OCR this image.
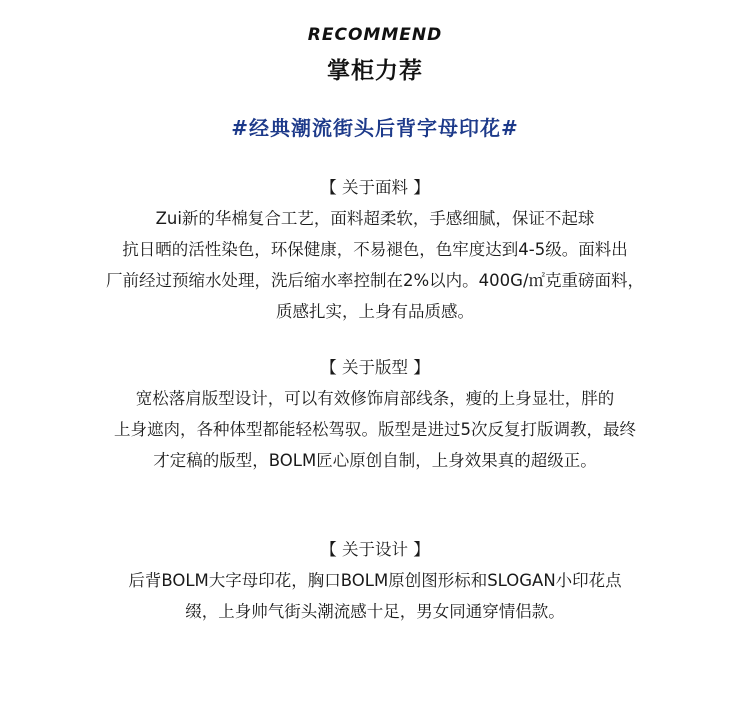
RECOMMEND
掌柜力荐
#经典潮流街头后背字母印花#
【 关于面料 】
Zui新的华棉复合工艺，面料超柔软，手感细腻，保证不起球
抗日晒的活性染色，环保健康，不易褪色，色牢度达到4-5级。面料出
厂前经过预缩水处理，洗后缩水率控制在2%以内。400G/㎡克重磅面料，
质感扎实，上身有品质感。
【 关于版型 】
宽松落肩版型设计，可以有效修饰肩部线条，瘦的上身显壮，胖的
上身遮肉，各种体型都能轻松驾驭。版型是进过5次反复打版调教，最终
才定稿的版型，BOLM匠心原创自制，上身效果真的超级正。
【 关于设计 】
后背BOLM大字母印花，胸口BOLM原创图形标和SLOGAN小印花点
缀，上身帅气街头潮流感十足，男女同通穿情侣款。
